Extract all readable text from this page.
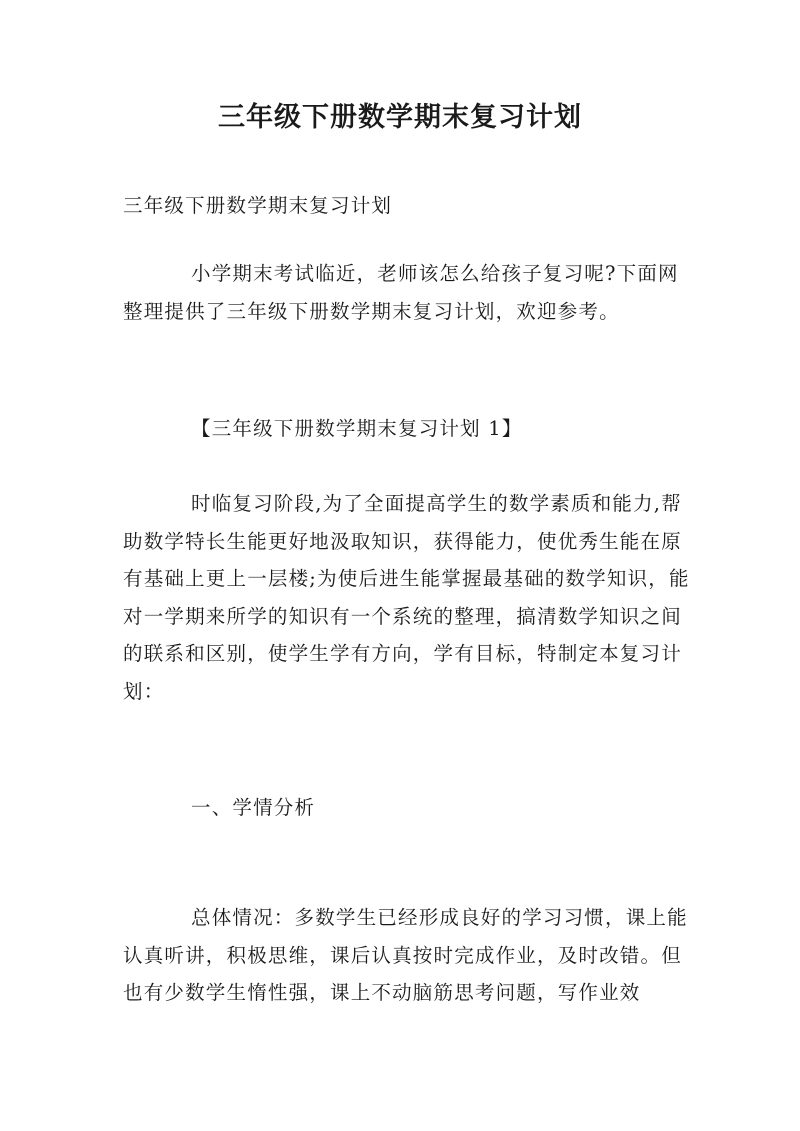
三年级下册数学期末复习计划
三年级下册数学期末复习计划
小学期末考试临近，老师该怎么给孩子复习呢?下面网整理提供了三年级下册数学期末复习计划，欢迎参考。
【三年级下册数学期末复习计划 1】
时临复习阶段,为了全面提高学生的数学素质和能力,帮助数学特长生能更好地汲取知识，获得能力，使优秀生能在原有基础上更上一层楼;为使后进生能掌握最基础的数学知识，能对一学期来所学的知识有一个系统的整理，搞清数学知识之间的联系和区别，使学生学有方向，学有目标，特制定本复习计划：
一、学情分析
总体情况：多数学生已经形成良好的学习习惯，课上能认真听讲，积极思维，课后认真按时完成作业，及时改错。但也有少数学生惰性强，课上不动脑筋思考问题，写作业效
